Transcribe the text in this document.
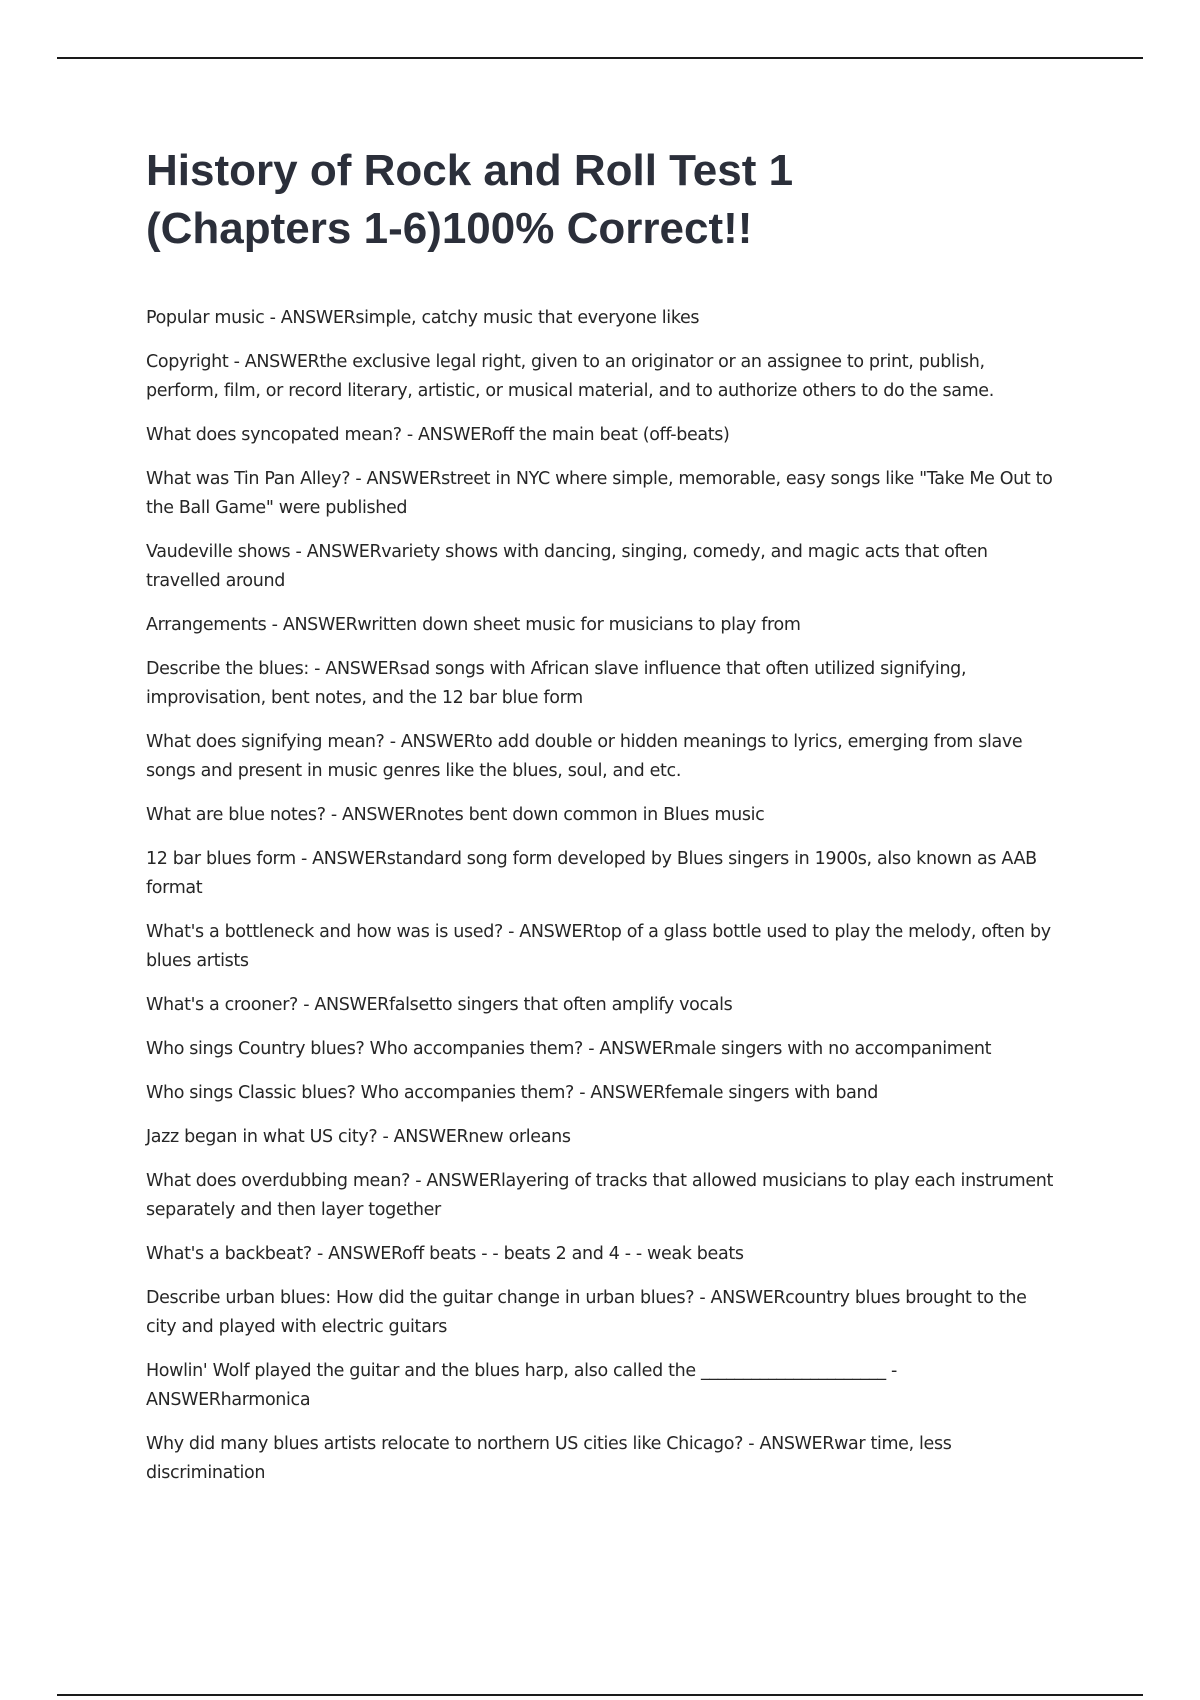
History of Rock and Roll Test 1
(Chapters 1-6)100% Correct!!
Popular music - ANSWERsimple, catchy music that everyone likes
Copyright - ANSWERthe exclusive legal right, given to an originator or an assignee to print, publish, perform, film, or record literary, artistic, or musical material, and to authorize others to do the same.
What does syncopated mean? - ANSWERoff the main beat (off-beats)
What was Tin Pan Alley? - ANSWERstreet in NYC where simple, memorable, easy songs like "Take Me Out to the Ball Game" were published
Vaudeville shows - ANSWERvariety shows with dancing, singing, comedy, and magic acts that often travelled around
Arrangements - ANSWERwritten down sheet music for musicians to play from
Describe the blues: - ANSWERsad songs with African slave influence that often utilized signifying, improvisation, bent notes, and the 12 bar blue form
What does signifying mean? - ANSWERto add double or hidden meanings to lyrics, emerging from slave songs and present in music genres like the blues, soul, and etc.
What are blue notes? - ANSWERnotes bent down common in Blues music
12 bar blues form - ANSWERstandard song form developed by Blues singers in 1900s, also known as AAB format
What's a bottleneck and how was is used? - ANSWERtop of a glass bottle used to play the melody, often by blues artists
What's a crooner? - ANSWERfalsetto singers that often amplify vocals
Who sings Country blues? Who accompanies them? - ANSWERmale singers with no accompaniment
Who sings Classic blues? Who accompanies them? - ANSWERfemale singers with band
Jazz began in what US city? - ANSWERnew orleans
What does overdubbing mean? - ANSWERlayering of tracks that allowed musicians to play each instrument separately and then layer together
What's a backbeat? - ANSWERoff beats - - beats 2 and 4 - - weak beats
Describe urban blues: How did the guitar change in urban blues? - ANSWERcountry blues brought to the city and played with electric guitars
Howlin' Wolf played the guitar and the blues harp, also called the ______________________ - ANSWERharmonica
Why did many blues artists relocate to northern US cities like Chicago? - ANSWERwar time, less discrimination
